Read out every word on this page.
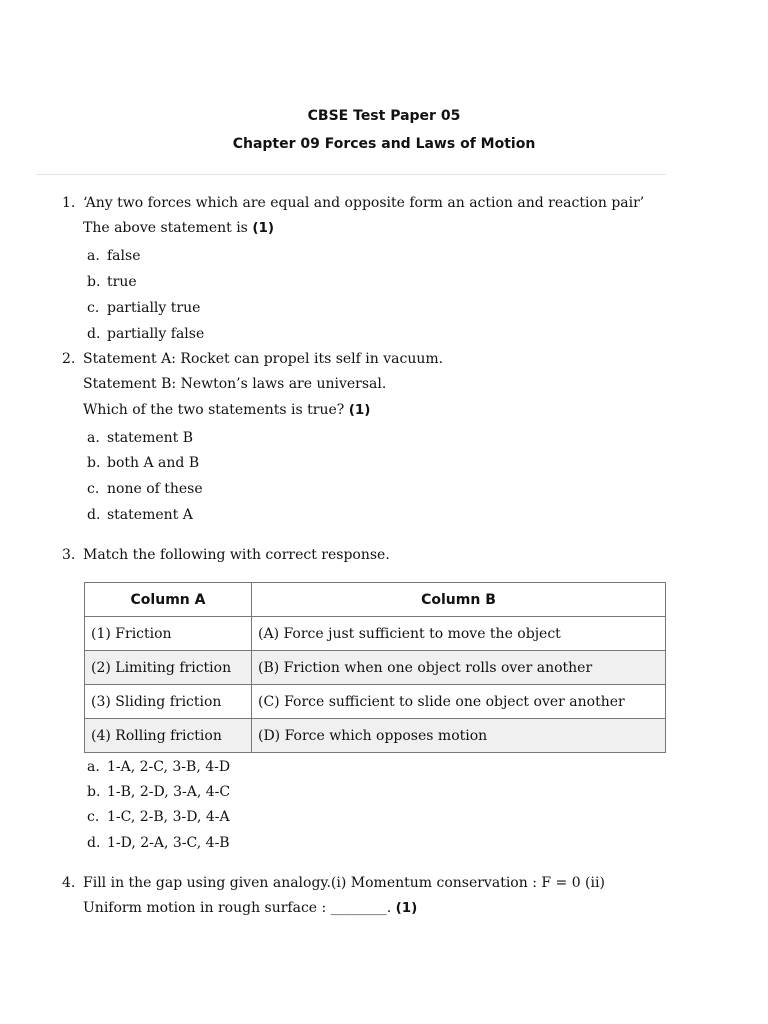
CBSE Test Paper 05
Chapter 09 Forces and Laws of Motion
1. ‘Any two forces which are equal and opposite form an action and reaction pair’ The above statement is (1)
a. false
b. true
c. partially true
d. partially false
2. Statement A: Rocket can propel its self in vacuum.
Statement B: Newton’s laws are universal.
Which of the two statements is true? (1)
a. statement B
b. both A and B
c. none of these
d. statement A
3. Match the following with correct response.
Column A	Column B
(1) Friction	(A) Force just sufficient to move the object
(2) Limiting friction	(B) Friction when one object rolls over another
(3) Sliding friction	(C) Force sufficient to slide one object over another
(4) Rolling friction	(D) Force which opposes motion
a. 1-A, 2-C, 3-B, 4-D
b. 1-B, 2-D, 3-A, 4-C
c. 1-C, 2-B, 3-D, 4-A
d. 1-D, 2-A, 3-C, 4-B
4. Fill in the gap using given analogy.(i) Momentum conservation : F = 0 (ii) Uniform motion in rough surface : ________. (1)
